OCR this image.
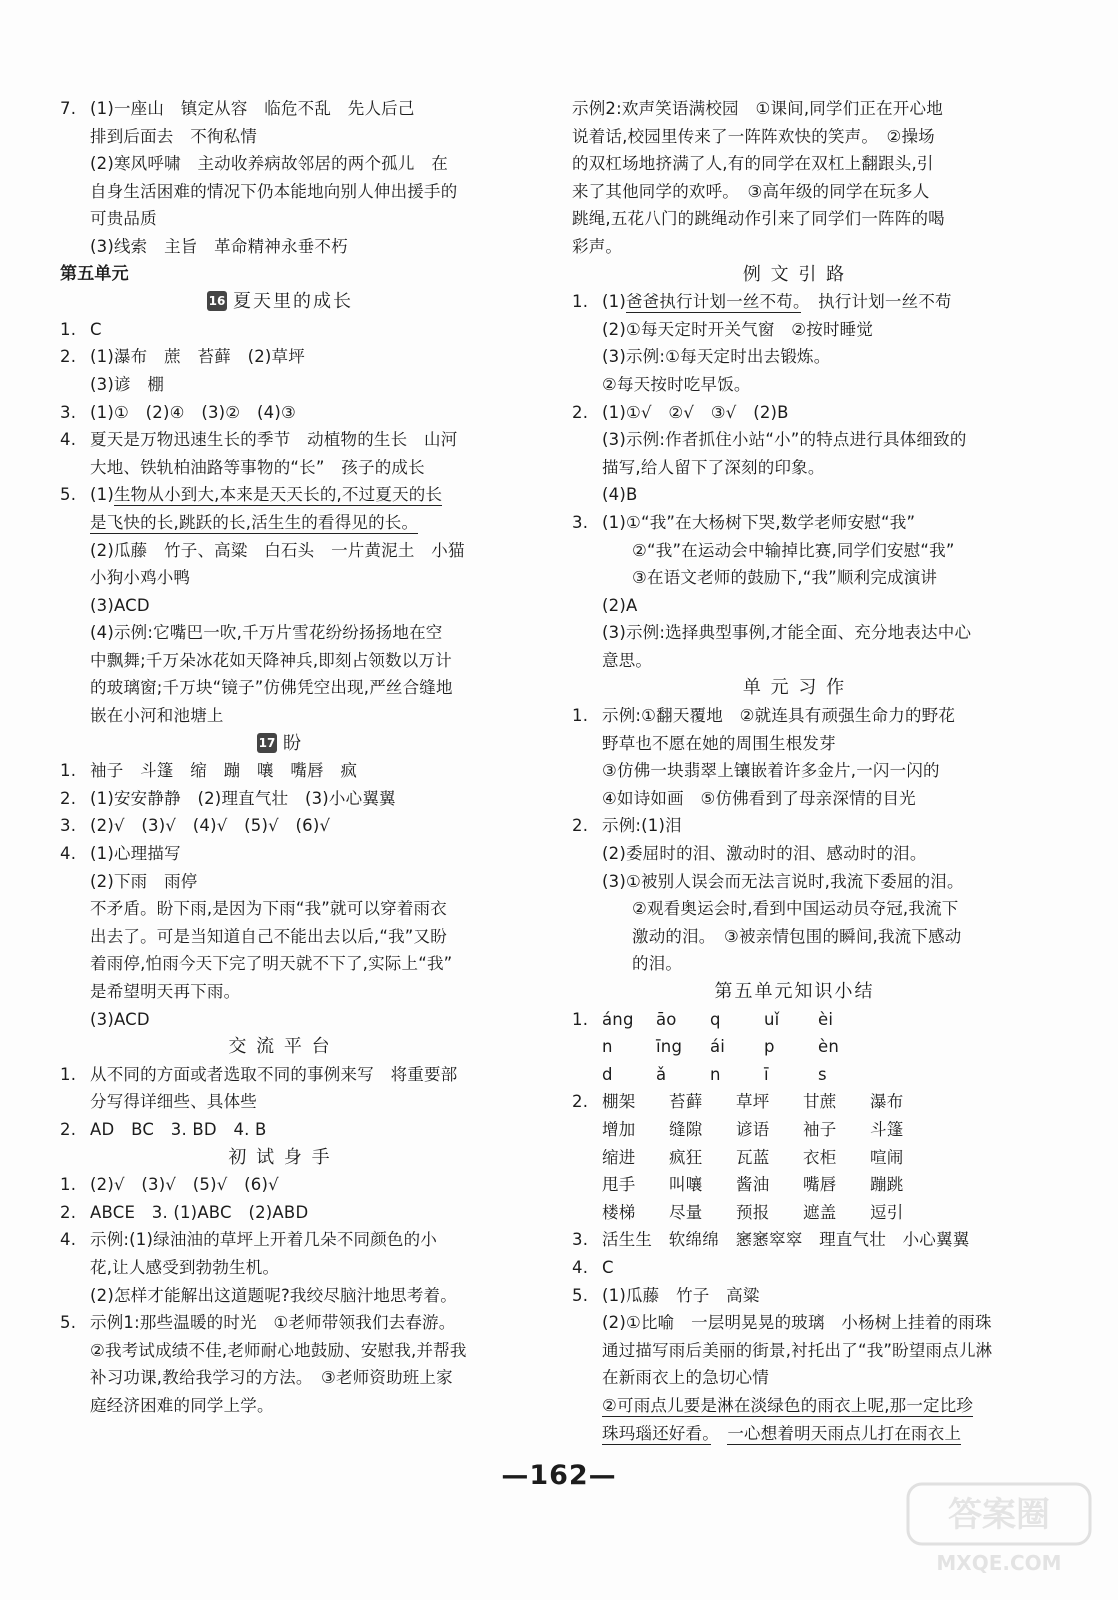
7. (1)一座山　镇定从容　临危不乱　先人后己
排到后面去　不徇私情
(2)寒风呼啸　主动收养病故邻居的两个孤儿　在
自身生活困难的情况下仍本能地向别人伸出援手的
可贵品质
(3)线索　主旨　革命精神永垂不朽
第五单元
16 夏天里的成长
1. C
2. (1)瀑布　蔗　苔藓　(2)草坪
(3)谚　棚
3. (1)①　(2)④　(3)②　(4)③
4. 夏天是万物迅速生长的季节　动植物的生长　山河
大地、铁轨柏油路等事物的“长”　孩子的成长
5. (1)生物从小到大,本来是天天长的,不过夏天的长
是飞快的长,跳跃的长,活生生的看得见的长。
(2)瓜藤　竹子、高粱　白石头　一片黄泥土　小猫
小狗小鸡小鸭
(3)ACD
(4)示例:它嘴巴一吹,千万片雪花纷纷扬扬地在空
中飘舞;千万朵冰花如天降神兵,即刻占领数以万计
的玻璃窗;千万块“镜子”仿佛凭空出现,严丝合缝地
嵌在小河和池塘上
17 盼
1. 袖子　斗篷　缩　蹦　嚷　嘴唇　疯
2. (1)安安静静　(2)理直气壮　(3)小心翼翼
3. (2)√　(3)√　(4)√　(5)√　(6)√
4. (1)心理描写
(2)下雨　雨停
不矛盾。盼下雨,是因为下雨“我”就可以穿着雨衣
出去了。可是当知道自己不能出去以后,“我”又盼
着雨停,怕雨今天下完了明天就不下了,实际上“我”
是希望明天再下雨。
(3)ACD
交 流 平 台
1. 从不同的方面或者选取不同的事例来写　将重要部
分写得详细些、具体些
2. AD　BC　3. BD　4. B
初 试 身 手
1. (2)√　(3)√　(5)√　(6)√
2. ABCE　3. (1)ABC　(2)ABD
4. 示例:(1)绿油油的草坪上开着几朵不同颜色的小
花,让人感受到勃勃生机。
(2)怎样才能解出这道题呢?我绞尽脑汁地思考着。
5. 示例1:那些温暖的时光　①老师带领我们去春游。
②我考试成绩不佳,老师耐心地鼓励、安慰我,并帮我
补习功课,教给我学习的方法。　③老师资助班上家
庭经济困难的同学上学。
示例2:欢声笑语满校园　①课间,同学们正在开心地
说着话,校园里传来了一阵阵欢快的笑声。　②操场
的双杠场地挤满了人,有的同学在双杠上翻跟头,引
来了其他同学的欢呼。　③高年级的同学在玩多人
跳绳,五花八门的跳绳动作引来了同学们一阵阵的喝
彩声。
例 文 引 路
1. (1)爸爸执行计划一丝不苟。　执行计划一丝不苟
(2)①每天定时开关气窗　②按时睡觉
(3)示例:①每天定时出去锻炼。
②每天按时吃早饭。
2. (1)①√　②√　③√　(2)B
(3)示例:作者抓住小站“小”的特点进行具体细致的
描写,给人留下了深刻的印象。
(4)B
3. (1)①“我”在大杨树下哭,数学老师安慰“我”
②“我”在运动会中输掉比赛,同学们安慰“我”
③在语文老师的鼓励下,“我”顺利完成演讲
(2)A
(3)示例:选择典型事例,才能全面、充分地表达中心
意思。
单 元 习 作
1. 示例:①翻天覆地　②就连具有顽强生命力的野花
野草也不愿在她的周围生根发芽
③仿佛一块翡翠上镶嵌着许多金片,一闪一闪的
④如诗如画　⑤仿佛看到了母亲深情的目光
2. 示例:(1)泪
(2)委屈时的泪、激动时的泪、感动时的泪。
(3)①被别人误会而无法言说时,我流下委屈的泪。
②观看奥运会时,看到中国运动员夺冠,我流下
激动的泪。　③被亲情包围的瞬间,我流下感动
的泪。
第五单元知识小结
1. áng	āo	q	uǐ	èi
n	īng	ái	p	èn
d	ǎ	n	ī	s
2. 棚架	苔藓	草坪	甘蔗	瀑布
增加	缝隙	谚语	袖子	斗篷
缩进	疯狂	瓦蓝	衣柜	喧闹
甩手	叫嚷	酱油	嘴唇	蹦跳
楼梯	尽量	预报	遮盖	逗引
3. 活生生　软绵绵　窸窸窣窣　理直气壮　小心翼翼
4. C
5. (1)瓜藤　竹子　高粱
(2)①比喻　一层明晃晃的玻璃　小杨树上挂着的雨珠
通过描写雨后美丽的街景,衬托出了“我”盼望雨点儿淋
在新雨衣上的急切心情
②可雨点儿要是淋在淡绿色的雨衣上呢,那一定比珍
珠玛瑙还好看。　 一心想着明天雨点儿打在雨衣上
—162—
答案圈
MXQE.COM
